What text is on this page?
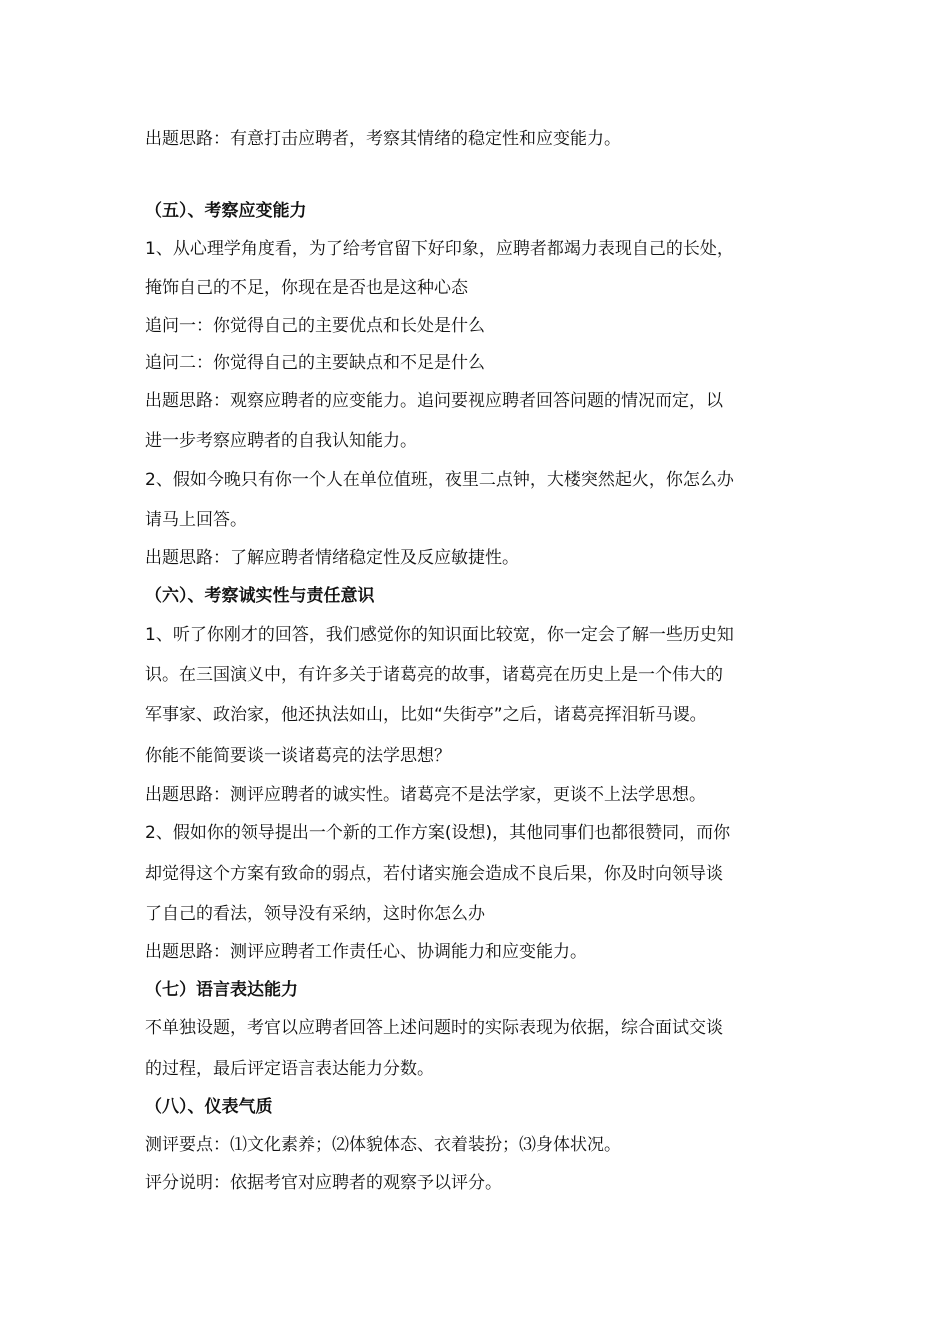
出题思路：有意打击应聘者，考察其情绪的稳定性和应变能力。
（五）、考察应变能力
1、从心理学角度看，为了给考官留下好印象，应聘者都竭力表现自己的长处，
掩饰自己的不足，你现在是否也是这种心态
追问一：你觉得自己的主要优点和长处是什么
追问二：你觉得自己的主要缺点和不足是什么
出题思路：观察应聘者的应变能力。追问要视应聘者回答问题的情况而定，以
进一步考察应聘者的自我认知能力。
2、假如今晚只有你一个人在单位值班，夜里二点钟，大楼突然起火，你怎么办
请马上回答。
出题思路：了解应聘者情绪稳定性及反应敏捷性。
（六）、考察诚实性与责任意识
1、听了你刚才的回答，我们感觉你的知识面比较宽，你一定会了解一些历史知
识。在三国演义中，有许多关于诸葛亮的故事，诸葛亮在历史上是一个伟大的
军事家、政治家，他还执法如山，比如“失街亭”之后，诸葛亮挥泪斩马谡。
你能不能简要谈一谈诸葛亮的法学思想？
出题思路：测评应聘者的诚实性。诸葛亮不是法学家，更谈不上法学思想。
2、假如你的领导提出一个新的工作方案(设想)，其他同事们也都很赞同，而你
却觉得这个方案有致命的弱点，若付诸实施会造成不良后果，你及时向领导谈
了自己的看法，领导没有采纳，这时你怎么办
出题思路：测评应聘者工作责任心、协调能力和应变能力。
（七）语言表达能力
不单独设题，考官以应聘者回答上述问题时的实际表现为依据，综合面试交谈
的过程，最后评定语言表达能力分数。
（八）、仪表气质
测评要点：⑴文化素养；⑵体貌体态、衣着装扮；⑶身体状况。
评分说明：依据考官对应聘者的观察予以评分。
